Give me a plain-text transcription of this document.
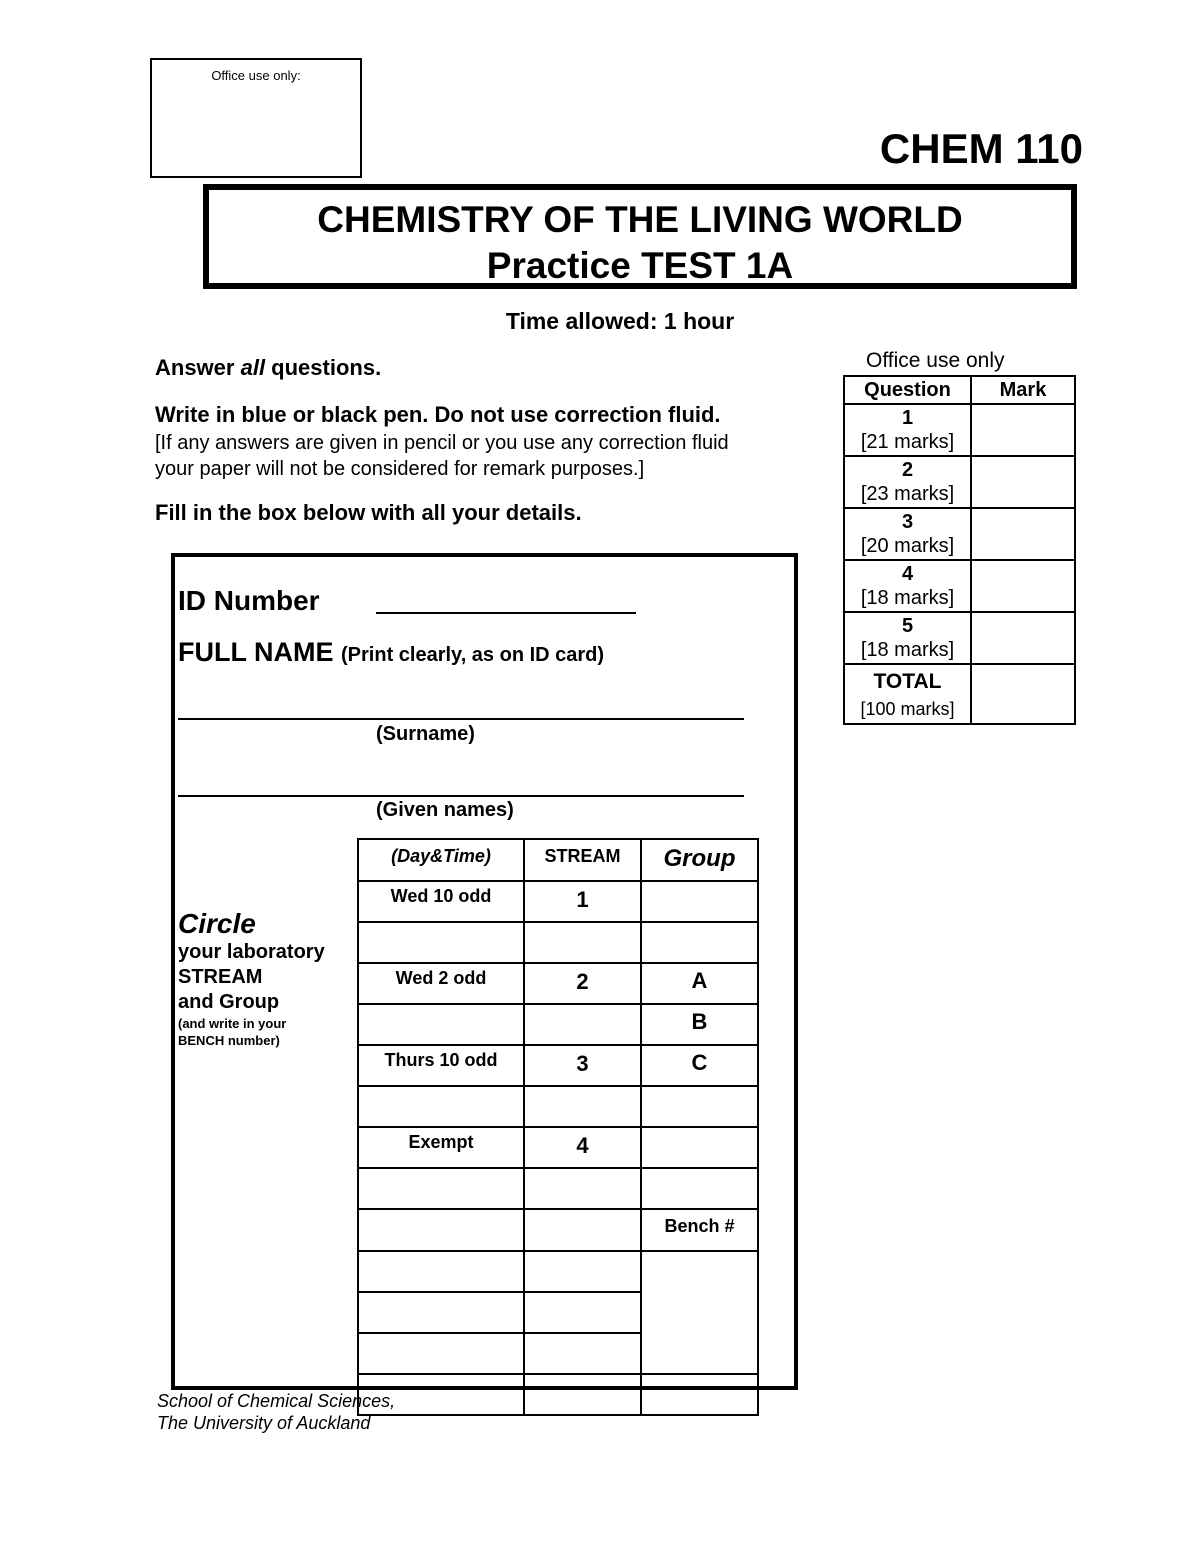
Office use only:
CHEM 110
CHEMISTRY OF THE LIVING WORLD
Practice TEST 1A
Time allowed: 1 hour
Answer all questions.
Write in blue or black pen. Do not use correction fluid.
[If any answers are given in pencil or you use any correction fluid
your paper will not be considered for remark purposes.]
Fill in the box below with all your details.
Office use only
Question	Mark

1
[21 marks]	

2
[23 marks]	

3
[20 marks]	

4
[18 marks]	

5
[18 marks]	

TOTAL
[100 marks]	
ID Number
FULL NAME (Print clearly, as on ID card)
(Surname)
(Given names)
Circle
your laboratory
STREAM
and Group
(and write in your
BENCH number)
(Day&Time)	STREAM	Group
Wed 10 odd	1	

Wed 2 odd	2	A
		B
Thurs 10 odd	3	C

Exempt	4	

		Bench #

School of Chemical Sciences,
The University of Auckland
